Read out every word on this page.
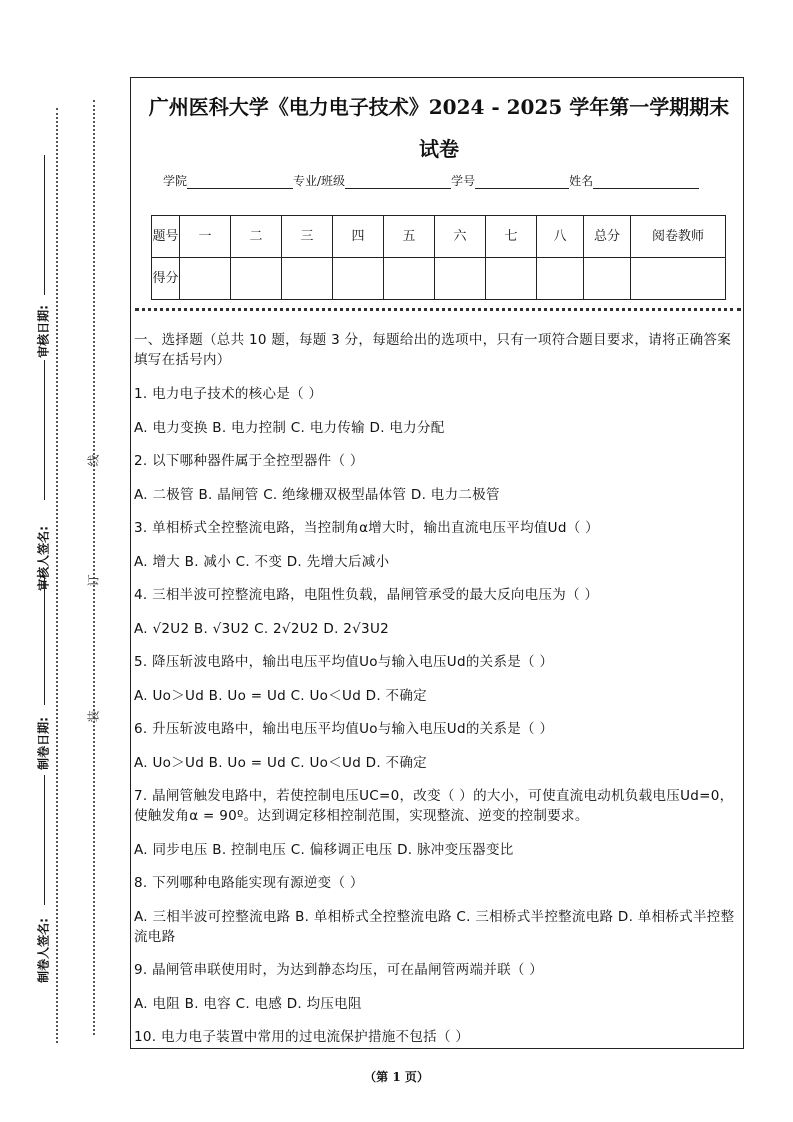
审核日期:
审核人签名:
制卷日期:
制卷人签名:
线
订
装
广州医科大学《电力电子技术》2024 - 2025 学年第一学期期末试卷
学院	专业/班级	学号	姓名
题号	一	二	三	四	五	六	七	八	总分	阅卷教师
得分										

一、选择题（总共 10 题，每题 3 分，每题给出的选项中，只有一项符合题目要求，请将正确答案填写在括号内）

1. 电力电子技术的核心是（ ）

A. 电力变换 B. 电力控制 C. 电力传输 D. 电力分配

2. 以下哪种器件属于全控型器件（ ）

A. 二极管 B. 晶闸管 C. 绝缘栅双极型晶体管 D. 电力二极管

3. 单相桥式全控整流电路，当控制角α增大时，输出直流电压平均值Ud（ ）

A. 增大 B. 减小 C. 不变 D. 先增大后减小

4. 三相半波可控整流电路，电阻性负载，晶闸管承受的最大反向电压为（ ）

A. √2U2 B. √3U2 C. 2√2U2 D. 2√3U2

5. 降压斩波电路中，输出电压平均值Uo与输入电压Ud的关系是（ ）

A. Uo＞Ud B. Uo = Ud C. Uo＜Ud D. 不确定

6. 升压斩波电路中，输出电压平均值Uo与输入电压Ud的关系是（ ）

A. Uo＞Ud B. Uo = Ud C. Uo＜Ud D. 不确定

7. 晶闸管触发电路中，若使控制电压UC=0，改变（ ）的大小，可使直流电动机负载电压Ud=0，使触发角α = 90º。达到调定移相控制范围，实现整流、逆变的控制要求。

A. 同步电压 B. 控制电压 C. 偏移调正电压 D. 脉冲变压器变比

8. 下列哪种电路能实现有源逆变（ ）

A. 三相半波可控整流电路 B. 单相桥式全控整流电路 C. 三相桥式半控整流电路 D. 单相桥式半控整流电路

9. 晶闸管串联使用时，为达到静态均压，可在晶闸管两端并联（ ）

A. 电阻 B. 电容 C. 电感 D. 均压电阻

10. 电力电子装置中常用的过电流保护措施不包括（ ）

（第 1 页）
